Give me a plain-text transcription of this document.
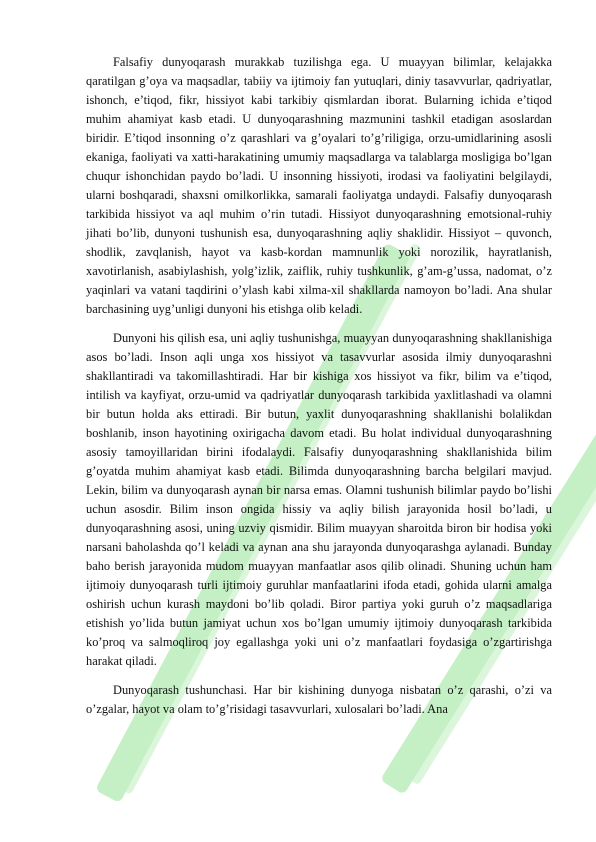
Falsafiy dunyoqarash murakkab tuzilishga ega. U muayyan bilimlar, kelajakka qaratilgan g’oya va maqsadlar, tabiiy va ijtimoiy fan yutuqlari, diniy tasavvurlar, qadriyatlar, ishonch, e’tiqod, fikr, hissiyot kabi tarkibiy qismlardan iborat. Bularning ichida e’tiqod muhim ahamiyat kasb etadi. U dunyoqarashning mazmunini tashkil etadigan asoslardan biridir. E’tiqod insonning o’z qarashlari va g’oyalari to’g’riligiga, orzu-umidlarining asosli ekaniga, faoliyati va xatti-harakatining umumiy maqsadlarga va talablarga mosligiga bo’lgan chuqur ishonchidan paydo bo’ladi. U insonning hissiyoti, irodasi va faoliyatini belgilaydi, ularni boshqaradi, shaxsni omilkorlikka, samarali faoliyatga undaydi. Falsafiy dunyoqarash tarkibida hissiyot va aql muhim o’rin tutadi. Hissiyot dunyoqarashning emotsional-ruhiy jihati bo’lib, dunyoni tushunish esa, dunyoqarashning aqliy shaklidir. Hissiyot – quvonch, shodlik, zavqlanish, hayot va kasb-kordan mamnunlik yoki norozilik, hayratlanish, xavotirlanish, asabiylashish, yolg’izlik, zaiflik, ruhiy tushkunlik, g’am-g’ussa, nadomat, o’z yaqinlari va vatani taqdirini o’ylash kabi xilma-xil shakllarda namoyon bo’ladi. Ana shular barchasining uyg’unligi dunyoni his etishga olib keladi.

Dunyoni his qilish esa, uni aqliy tushunishga, muayyan dunyoqarashning shakllanishiga asos bo’ladi. Inson aqli unga xos hissiyot va tasavvurlar asosida ilmiy dunyoqarashni shakllantiradi va takomillashtiradi. Har bir kishiga xos hissiyot va fikr, bilim va e’tiqod, intilish va kayfiyat, orzu-umid va qadriyatlar dunyoqarash tarkibida yaxlitlashadi va olamni bir butun holda aks ettiradi. Bir butun, yaxlit dunyoqarashning shakllanishi bolalikdan boshlanib, inson hayotining oxirigacha davom etadi. Bu holat individual dunyoqarashning asosiy tamoyillaridan birini ifodalaydi. Falsafiy dunyoqarashning shakllanishida bilim g’oyatda muhim ahamiyat kasb etadi. Bilimda dunyoqarashning barcha belgilari mavjud. Lekin, bilim va dunyoqarash aynan bir narsa emas. Olamni tushunish bilimlar paydo bo’lishi uchun asosdir. Bilim inson ongida hissiy va aqliy bilish jarayonida hosil bo’ladi, u dunyoqarashning asosi, uning uzviy qismidir. Bilim muayyan sharoitda biron bir hodisa yoki narsani baholashda qo’l keladi va aynan ana shu jarayonda dunyoqarashga aylanadi. Bunday baho berish jarayonida mudom muayyan manfaatlar asos qilib olinadi. Shuning uchun ham ijtimoiy dunyoqarash turli ijtimoiy guruhlar manfaatlarini ifoda etadi, gohida ularni amalga oshirish uchun kurash maydoni bo’lib qoladi. Biror partiya yoki guruh o’z maqsadlariga etishish yo’lida butun jamiyat uchun xos bo’lgan umumiy ijtimoiy dunyoqarash tarkibida ko’proq va salmoqliroq joy egallashga yoki uni o’z manfaatlari foydasiga o’zgartirishga harakat qiladi.

Dunyoqarash tushunchasi. Har bir kishining dunyoga nisbatan o’z qarashi, o’zi va o’zgalar, hayot va olam to’g’risidagi tasavvurlari, xulosalari bo’ladi. Ana
